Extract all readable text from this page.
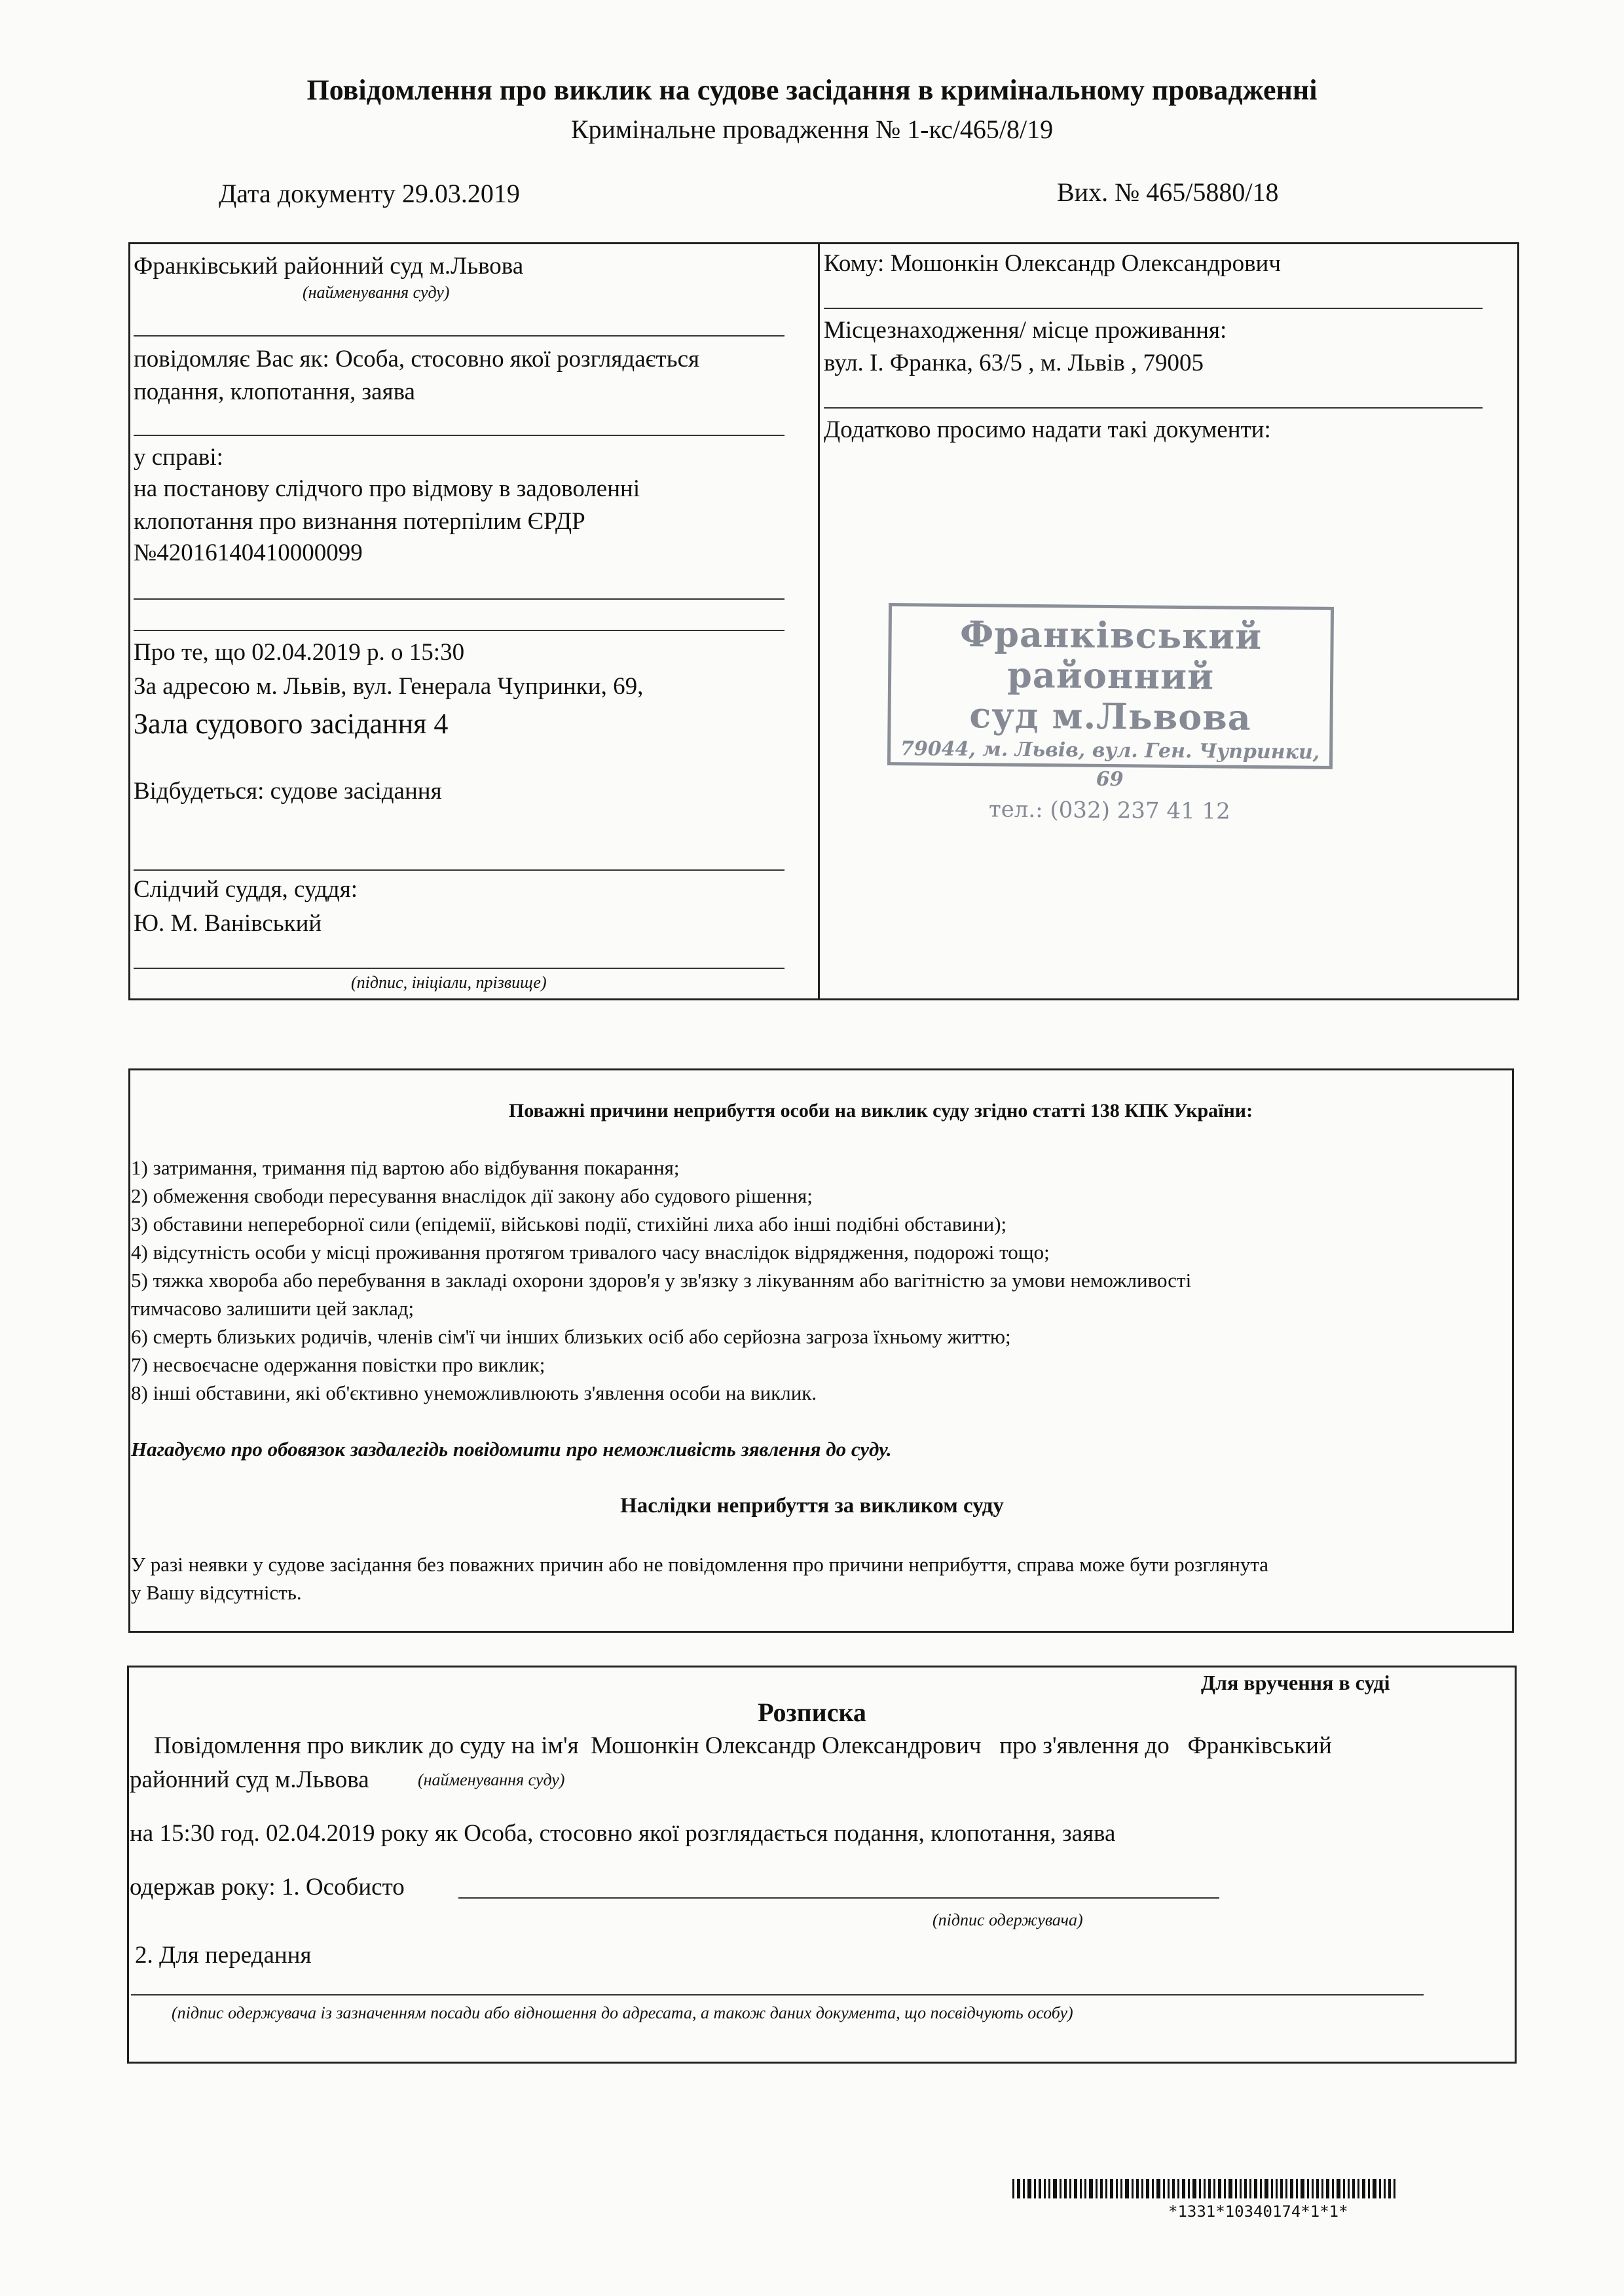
Повідомлення про виклик на судове засідання в кримінальному провадженні
Кримінальне провадження № 1-кс/465/8/19
Дата документу 29.03.2019	Вих. № 465/5880/18
Франківський районний суд м.Львова
(найменування суду)
повідомляє Вас як: Особа, стосовно якої розглядається
подання, клопотання, заява
у справі:
на постанову слідчого про відмову в задоволенні
клопотання про визнання потерпілим ЄРДР
№42016140410000099
Про те, що 02.04.2019 р. о 15:30
За адресою м. Львів, вул. Генерала Чупринки, 69,
Зала судового засідання 4
Відбудеться: судове засідання
Слідчий суддя, суддя:
Ю. М. Ванівський
(підпис, ініціали, прізвище)
Кому: Мошонкін Олександр Олександрович
Місцезнаходження/ місце проживання:
вул. І. Франка, 63/5 , м. Львів , 79005
Додатково просимо надати такі документи:
Франківський районний
суд м.Львова
79044, м. Львів, вул. Ген. Чупринки, 69
тел.: (032) 237 41 12
Поважні причини неприбуття особи на виклик суду згідно статті 138 КПК України:
1) затримання, тримання під вартою або відбування покарання;
2) обмеження свободи пересування внаслідок дії закону або судового рішення;
3) обставини непереборної сили (епідемії, військові події, стихійні лиха або інші подібні обставини);
4) відсутність особи у місці проживання протягом тривалого часу внаслідок відрядження, подорожі тощо;
5) тяжка хвороба або перебування в закладі охорони здоров'я у зв'язку з лікуванням або вагітністю за умови неможливості
тимчасово залишити цей заклад;
6) смерть близьких родичів, членів сім'ї чи інших близьких осіб або серйозна загроза їхньому життю;
7) несвоєчасне одержання повістки про виклик;
8) інші обставини, які об'єктивно унеможливлюють з'явлення особи на виклик.
Нагадуємо про обовязок заздалегідь повідомити про неможливість зявлення до суду.
Наслідки неприбуття за викликом суду
У разі неявки у судове засідання без поважних причин або не повідомлення про причини неприбуття, справа може бути розглянута
у Вашу відсутність.
Для вручення в суді
Розписка
Повідомлення про виклик до суду на ім'я  Мошонкін Олександр Олександрович   про з'явлення до   Франківський
районний суд м.Львова	(найменування суду)
на 15:30 год. 02.04.2019 року як Особа, стосовно якої розглядається подання, клопотання, заява
одержав року: 1. Особисто
(підпис одержувача)
2. Для передання
(підпис одержувача із зазначенням посади або відношення до адресата, а також даних документа, що посвідчують особу)
*1331*10340174*1*1*
